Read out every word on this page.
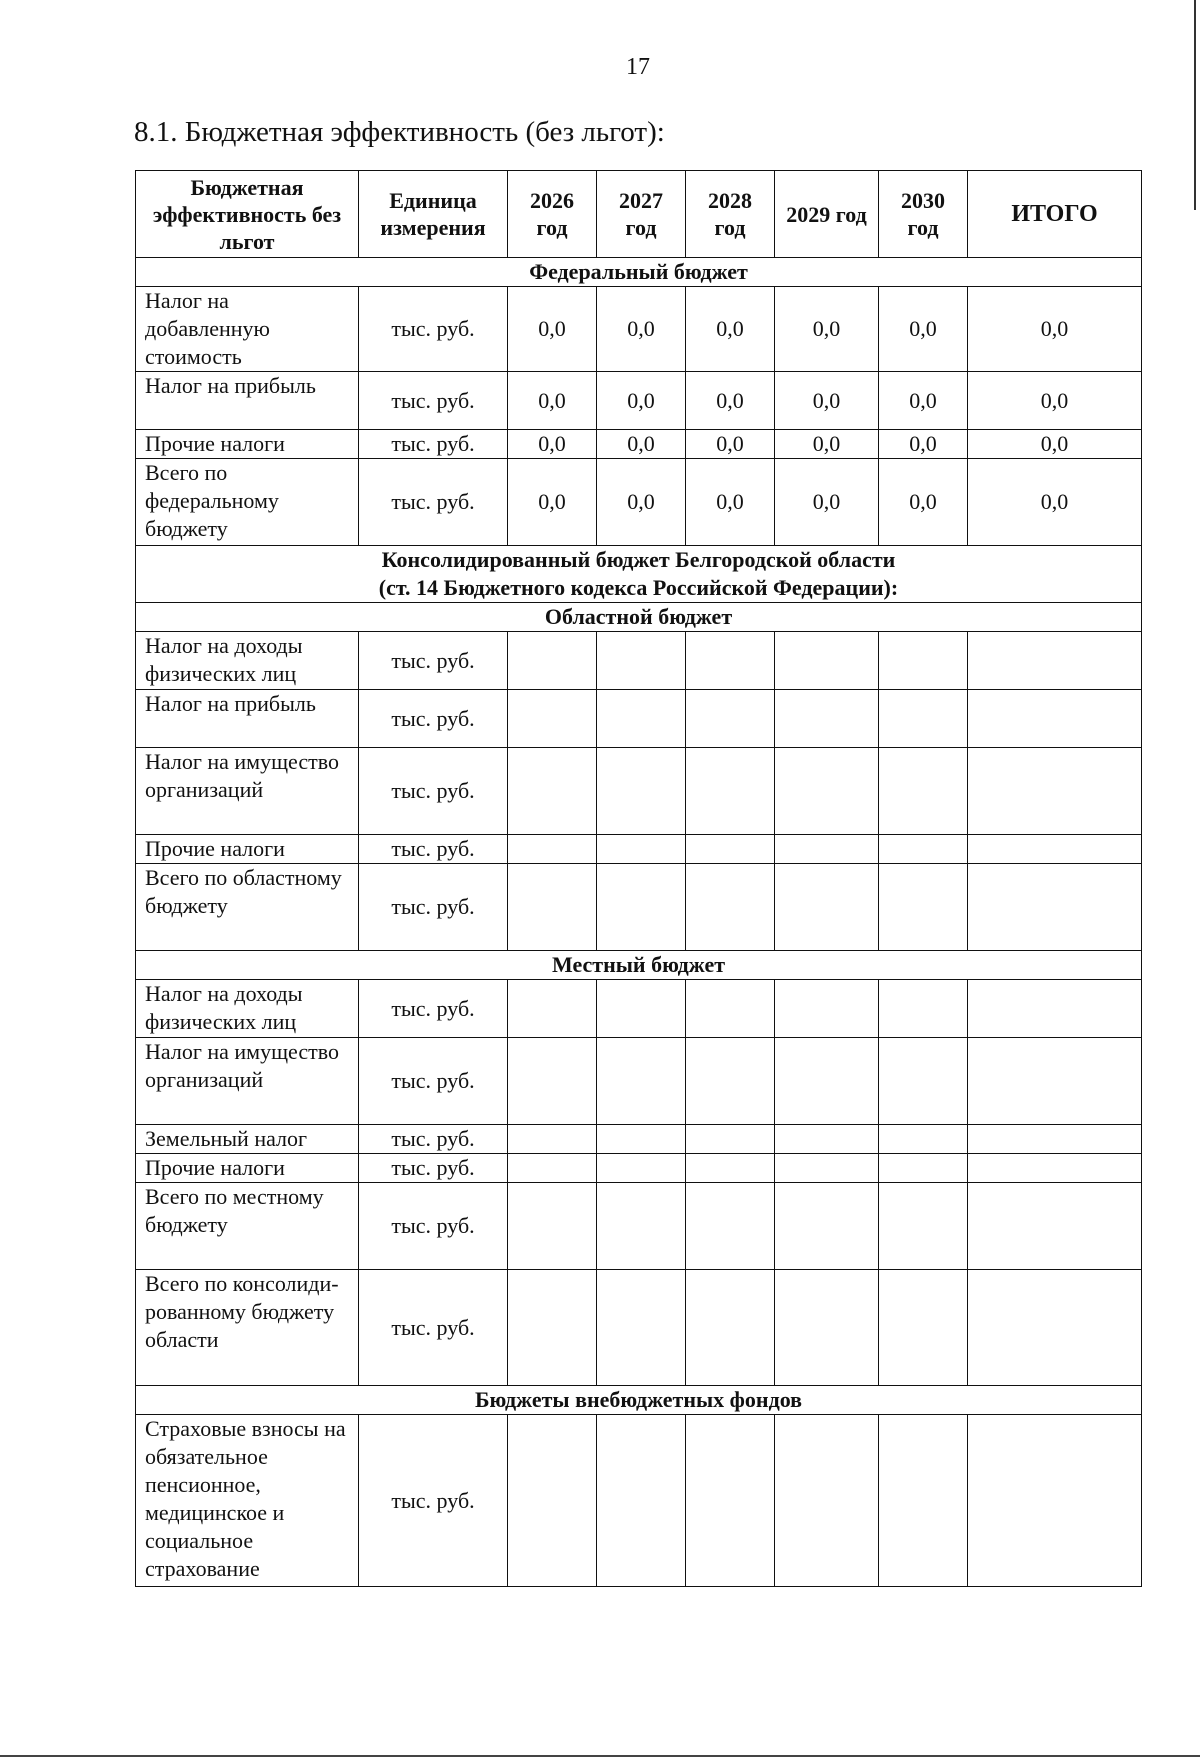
17
8.1. Бюджетная эффективность (без льгот):
Бюджетная эффективность без льгот	Единица измерения	2026 год	2027 год	2028 год	2029 год	2030 год	ИТОГО
Федеральный бюджет							
Налог на добавленную стоимость	тыс. руб.	0,0	0,0	0,0	0,0	0,0	0,0
Налог на прибыль	тыс. руб.	0,0	0,0	0,0	0,0	0,0	0,0
Прочие налоги	тыс. руб.	0,0	0,0	0,0	0,0	0,0	0,0
Всего по федеральному бюджету	тыс. руб.	0,0	0,0	0,0	0,0	0,0	0,0

Консолидированный бюджет Белгородской области
(ст. 14 Бюджетного кодекса Российской Федерации):							

Областной бюджет							
Налог на доходы физических лиц	тыс. руб.						
Налог на прибыль	тыс. руб.						
Налог на имущество организаций	тыс. руб.						
Прочие налоги	тыс. руб.						
Всего по областному бюджету	тыс. руб.						
Местный бюджет							
Налог на доходы физических лиц	тыс. руб.						
Налог на имущество организаций	тыс. руб.						
Земельный налог	тыс. руб.						
Прочие налоги	тыс. руб.						
Всего по местному бюджету	тыс. руб.						
Всего по консолиди-рованному бюджету области	тыс. руб.						
Бюджеты внебюджетных фондов							
Страховые взносы на обязательное пенсионное, медицинское и социальное страхование	тыс. руб.						
